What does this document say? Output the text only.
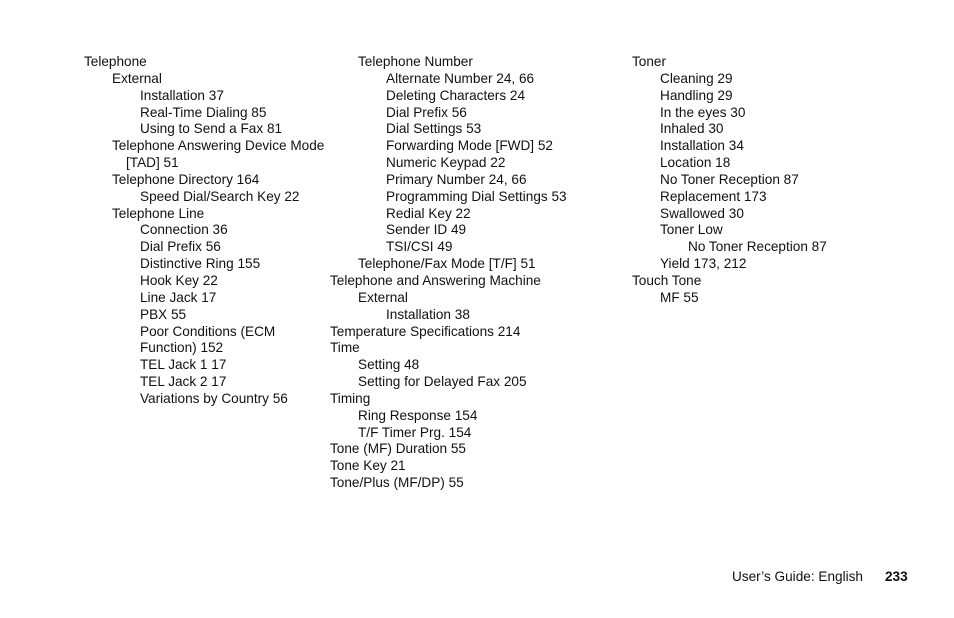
Telephone
External
Installation 37
Real-Time Dialing 85
Using to Send a Fax 81
Telephone Answering Device Mode
[TAD] 51
Telephone Directory 164
Speed Dial/Search Key 22
Telephone Line
Connection 36
Dial Prefix 56
Distinctive Ring 155
Hook Key 22
Line Jack 17
PBX 55
Poor Conditions (ECM
Function) 152
TEL Jack 1 17
TEL Jack 2 17
Variations by Country 56
Telephone Number
Alternate Number 24, 66
Deleting Characters 24
Dial Prefix 56
Dial Settings 53
Forwarding Mode [FWD] 52
Numeric Keypad 22
Primary Number 24, 66
Programming Dial Settings 53
Redial Key 22
Sender ID 49
TSI/CSI 49
Telephone/Fax Mode [T/F] 51
Telephone and Answering Machine
External
Installation 38
Temperature Specifications 214
Time
Setting 48
Setting for Delayed Fax 205
Timing
Ring Response 154
T/F Timer Prg. 154
Tone (MF) Duration 55
Tone Key 21
Tone/Plus (MF/DP) 55
Toner
Cleaning 29
Handling 29
In the eyes 30
Inhaled 30
Installation 34
Location 18
No Toner Reception 87
Replacement 173
Swallowed 30
Toner Low
No Toner Reception 87
Yield 173, 212
Touch Tone
MF 55
User’s Guide: English 233
